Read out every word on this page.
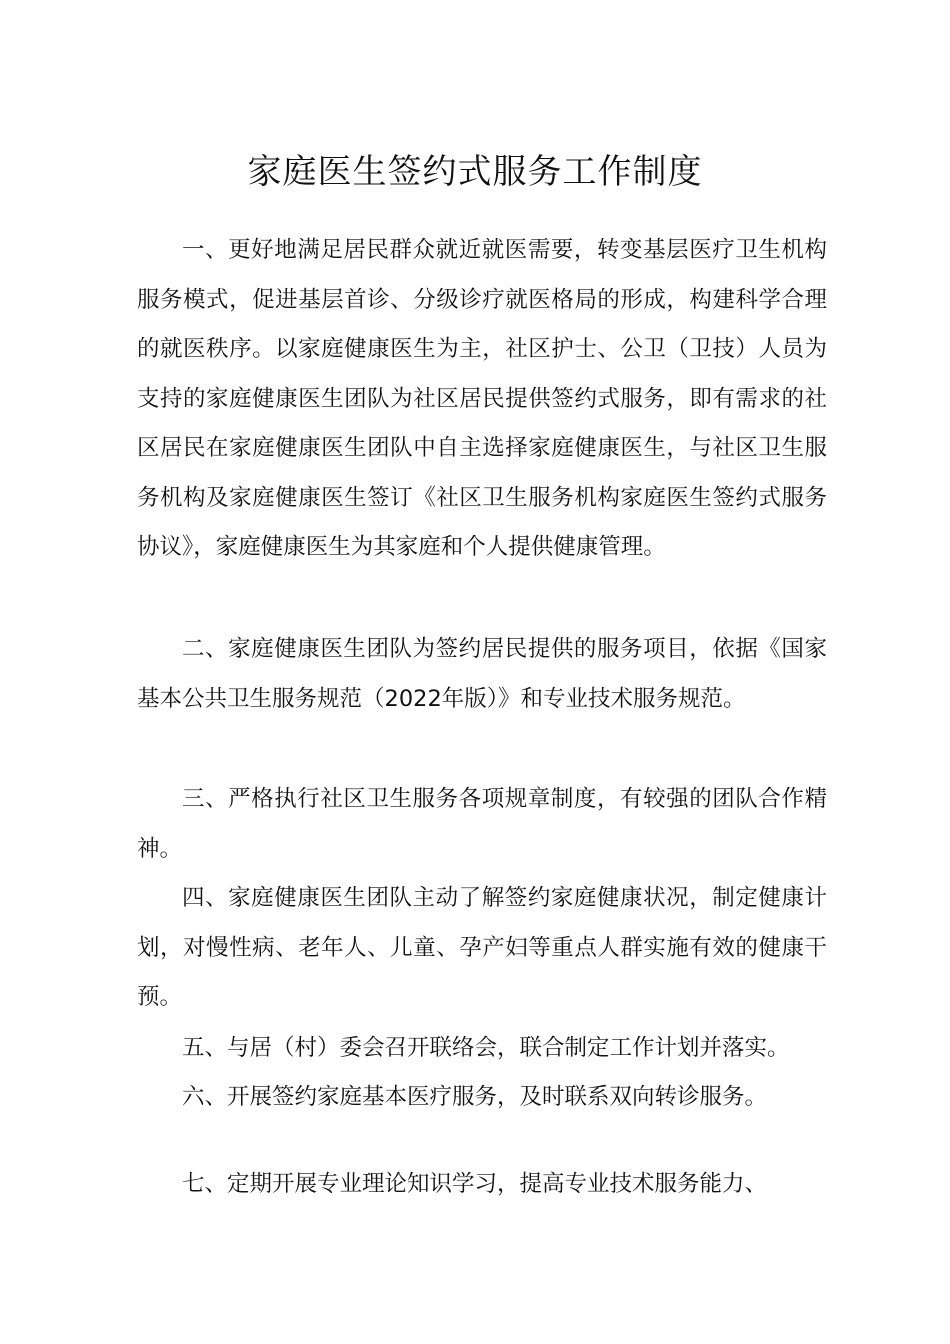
家庭医生签约式服务工作制度

一、更好地满足居民群众就近就医需要，转变基层医疗卫生机构服务模式，促进基层首诊、分级诊疗就医格局的形成，构建科学合理的就医秩序。以家庭健康医生为主，社区护士、公卫（卫技）人员为支持的家庭健康医生团队为社区居民提供签约式服务，即有需求的社区居民在家庭健康医生团队中自主选择家庭健康医生，与社区卫生服务机构及家庭健康医生签订《社区卫生服务机构家庭医生签约式服务协议》，家庭健康医生为其家庭和个人提供健康管理。

二、家庭健康医生团队为签约居民提供的服务项目，依据《国家基本公共卫生服务规范（2022年版）》和专业技术服务规范。

三、严格执行社区卫生服务各项规章制度，有较强的团队合作精神。

四、家庭健康医生团队主动了解签约家庭健康状况，制定健康计划，对慢性病、老年人、儿童、孕产妇等重点人群实施有效的健康干预。

五、与居（村）委会召开联络会，联合制定工作计划并落实。

六、开展签约家庭基本医疗服务，及时联系双向转诊服务。

七、定期开展专业理论知识学习，提高专业技术服务能力、
